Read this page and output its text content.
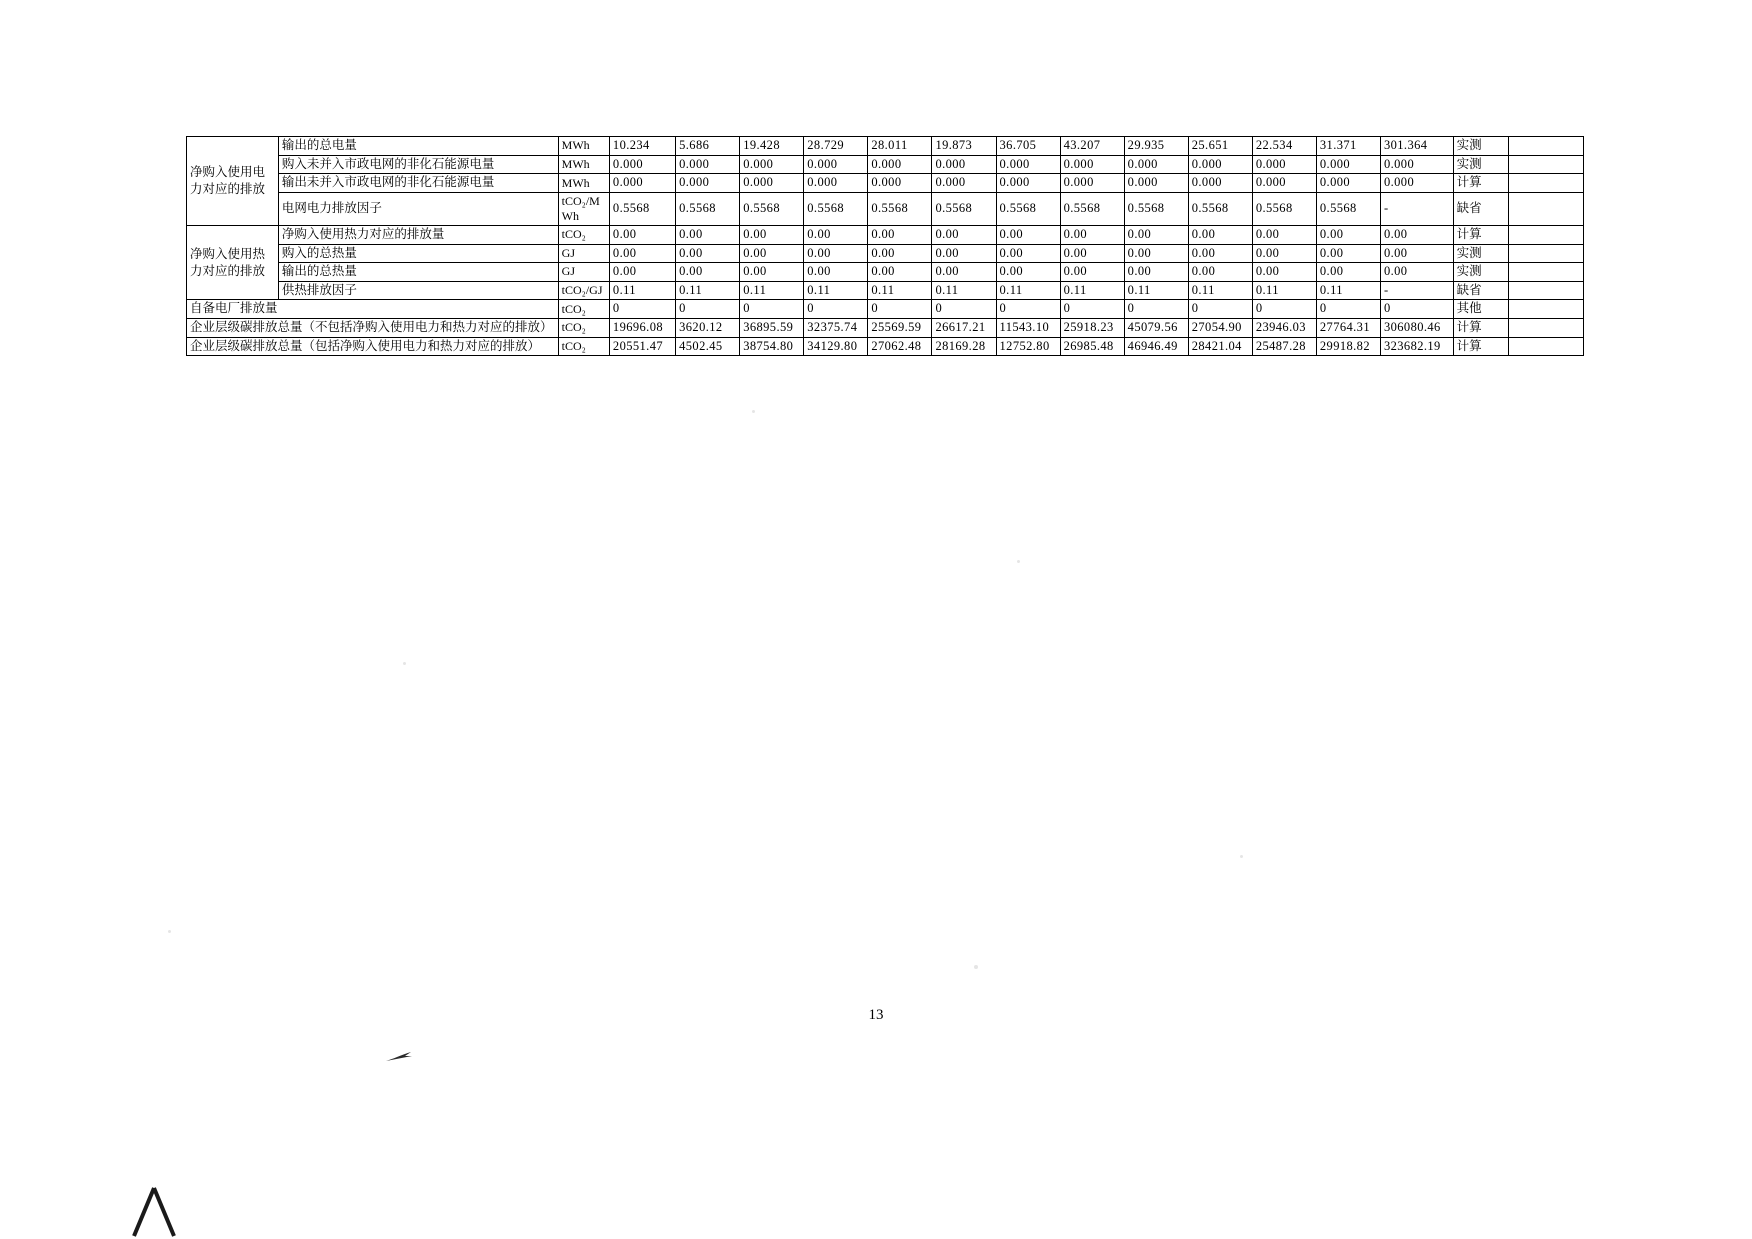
净购入使用电力对应的排放	输出的总电量	MWh	10.234	5.686	19.428	28.729	28.011	19.873	36.705	43.207	29.935	25.651	22.534	31.371	301.364	实测	
	购入未并入市政电网的非化石能源电量	MWh	0.000	0.000	0.000	0.000	0.000	0.000	0.000	0.000	0.000	0.000	0.000	0.000	0.000	实测	
	输出未并入市政电网的非化石能源电量	MWh	0.000	0.000	0.000	0.000	0.000	0.000	0.000	0.000	0.000	0.000	0.000	0.000	0.000	计算	
	电网电力排放因子	tCO₂/MWh	0.5568	0.5568	0.5568	0.5568	0.5568	0.5568	0.5568	0.5568	0.5568	0.5568	0.5568	0.5568	-	缺省	
净购入使用热力对应的排放	净购入使用热力对应的排放量	tCO₂	0.00	0.00	0.00	0.00	0.00	0.00	0.00	0.00	0.00	0.00	0.00	0.00	0.00	计算	
	购入的总热量	GJ	0.00	0.00	0.00	0.00	0.00	0.00	0.00	0.00	0.00	0.00	0.00	0.00	0.00	实测	
	输出的总热量	GJ	0.00	0.00	0.00	0.00	0.00	0.00	0.00	0.00	0.00	0.00	0.00	0.00	0.00	实测	
	供热排放因子	tCO₂/GJ	0.11	0.11	0.11	0.11	0.11	0.11	0.11	0.11	0.11	0.11	0.11	0.11	-	缺省	
自备电厂排放量		tCO₂	0	0	0	0	0	0	0	0	0	0	0	0	0	其他	
企业层级碳排放总量（不包括净购入使用电力和热力对应的排放）		tCO₂	19696.08	3620.12	36895.59	32375.74	25569.59	26617.21	11543.10	25918.23	45079.56	27054.90	23946.03	27764.31	306080.46	计算	
企业层级碳排放总量（包括净购入使用电力和热力对应的排放）		tCO₂	20551.47	4502.45	38754.80	34129.80	27062.48	28169.28	12752.80	26985.48	46946.49	28421.04	25487.28	29918.82	323682.19	计算	
13
